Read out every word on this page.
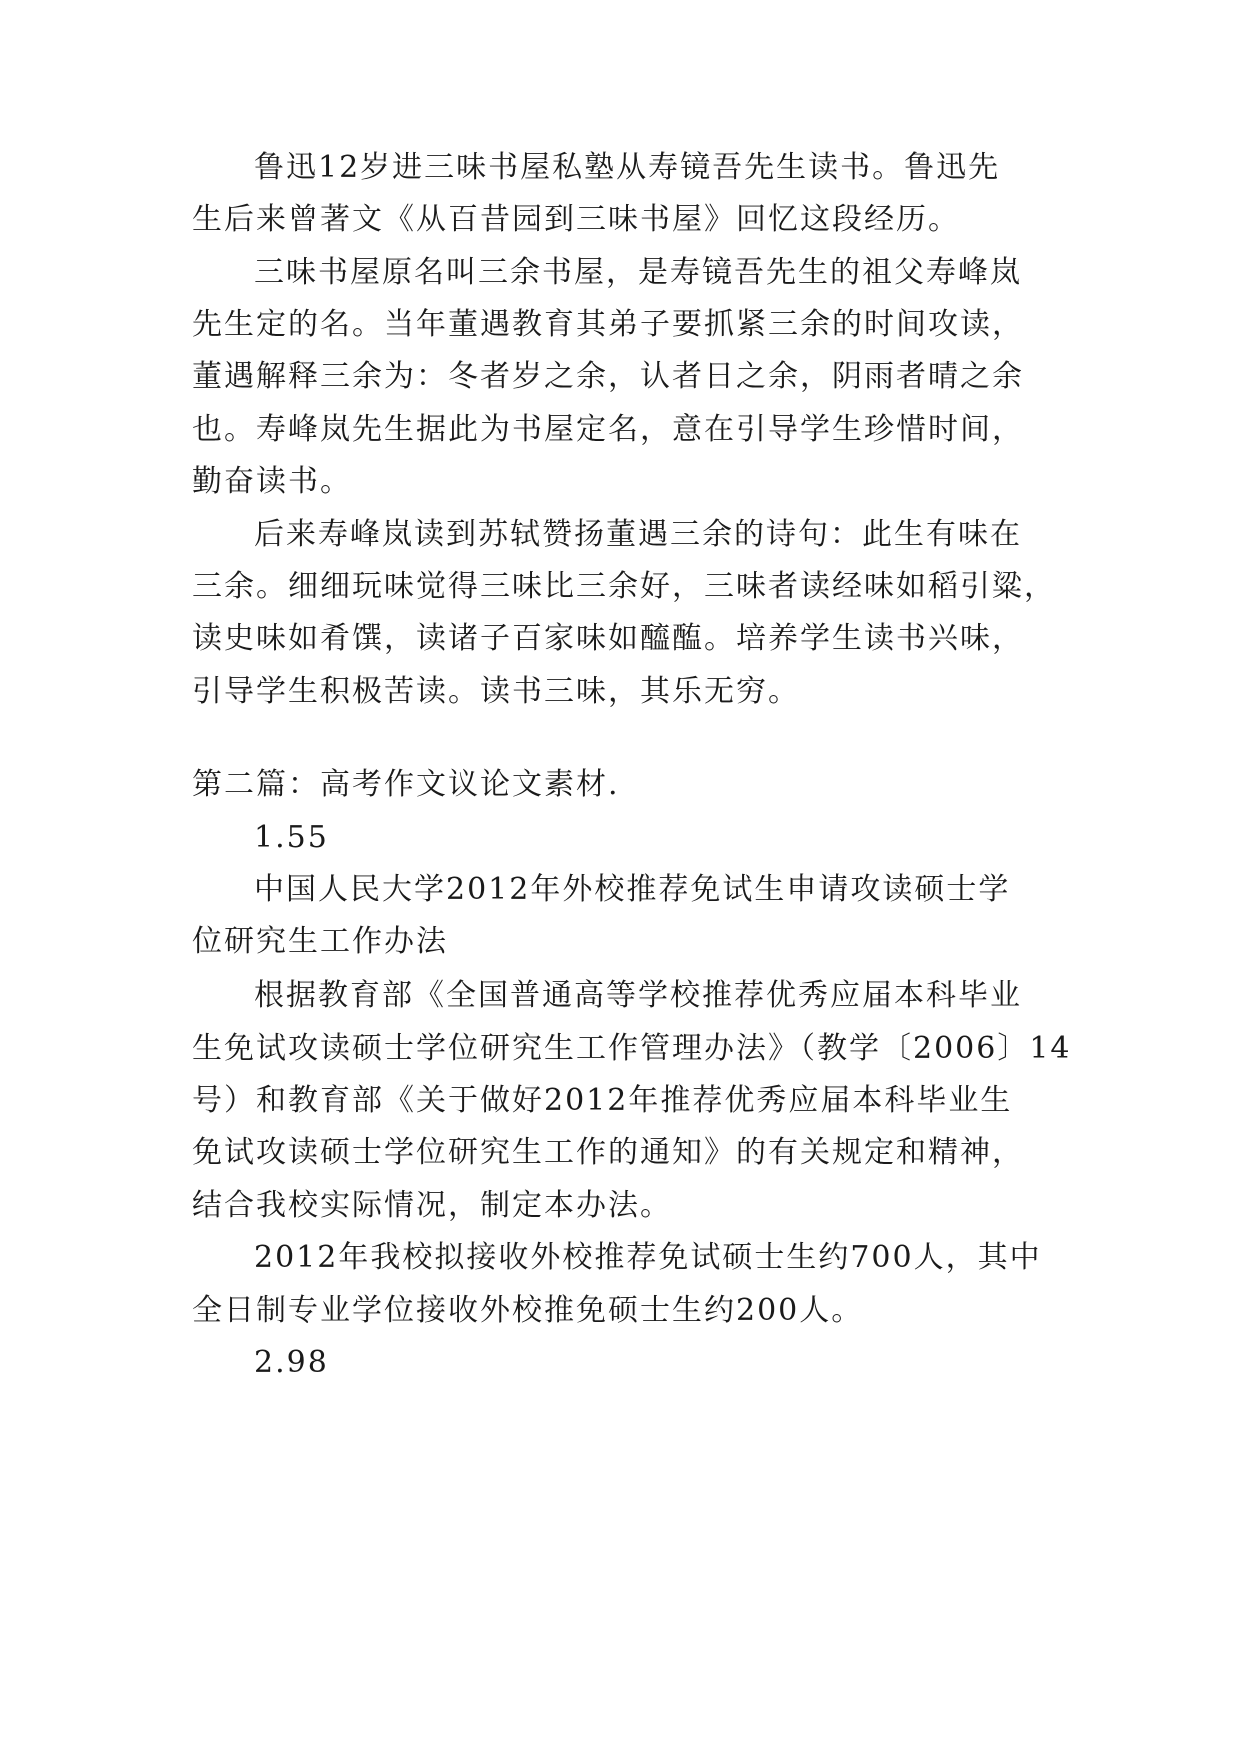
鲁迅12岁进三味书屋私塾从寿镜吾先生读书。鲁迅先
生后来曾著文《从百昔园到三味书屋》回忆这段经历。
三味书屋原名叫三余书屋，是寿镜吾先生的祖父寿峰岚
先生定的名。当年董遇教育其弟子要抓紧三余的时间攻读，
董遇解释三余为：冬者岁之余，认者日之余，阴雨者晴之余
也。寿峰岚先生据此为书屋定名，意在引导学生珍惜时间，
勤奋读书。
后来寿峰岚读到苏轼赞扬董遇三余的诗句：此生有味在
三余。细细玩味觉得三味比三余好，三味者读经味如稻引粱，
读史味如肴馔，读诸子百家味如醯醢。培养学生读书兴味，
引导学生积极苦读。读书三味，其乐无穷。
第二篇：高考作文议论文素材.
1.55
中国人民大学2012年外校推荐免试生申请攻读硕士学
位研究生工作办法
根据教育部《全国普通高等学校推荐优秀应届本科毕业
生免试攻读硕士学位研究生工作管理办法》（教学〔2006〕14
号）和教育部《关于做好2012年推荐优秀应届本科毕业生
免试攻读硕士学位研究生工作的通知》的有关规定和精神，
结合我校实际情况，制定本办法。
2012年我校拟接收外校推荐免试硕士生约700人，其中
全日制专业学位接收外校推免硕士生约200人。
2.98
